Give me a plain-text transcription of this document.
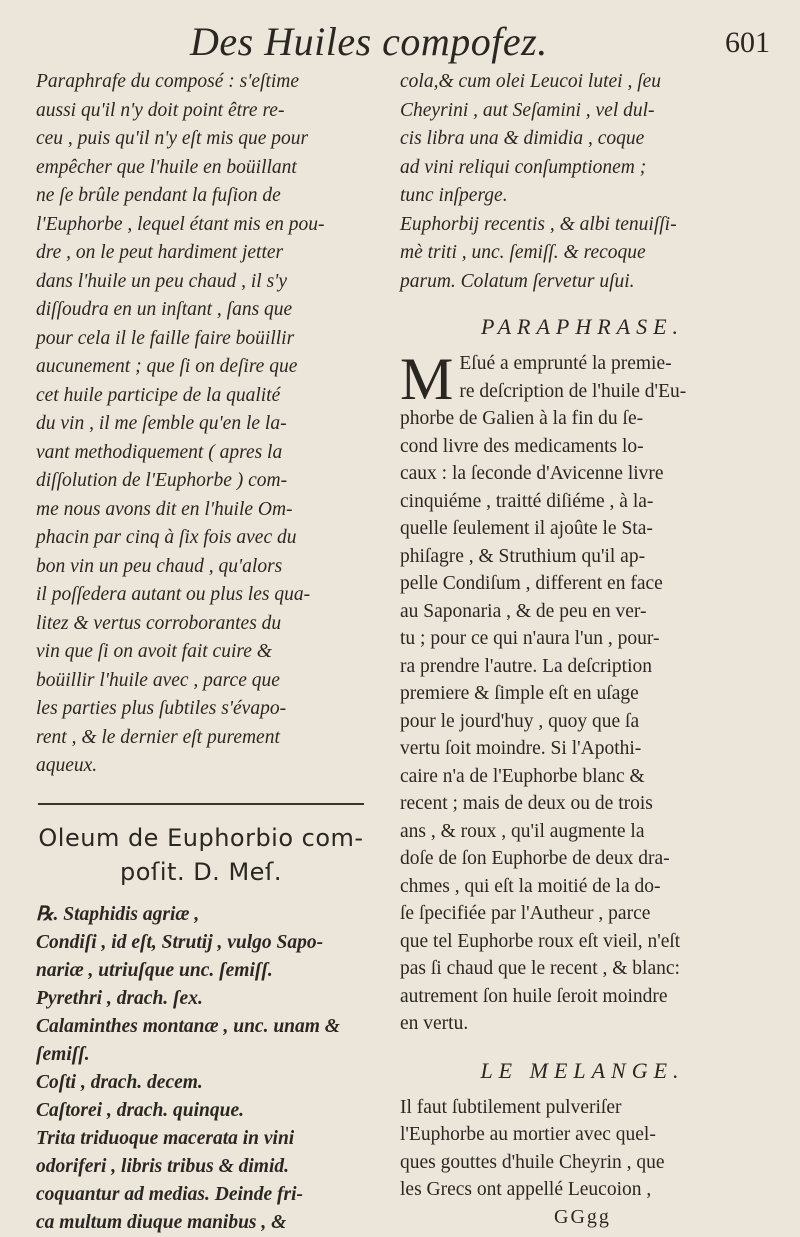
Des Huiles compofez.	601

Paraphrafe du composé : s'eſtime
aussi qu'il n'y doit point être re-
ceu , puis qu'il n'y eſt mis que pour
empêcher que l'huile en boüillant
ne ſe brûle pendant la fuſion de
l'Euphorbe , lequel étant mis en pou-
dre , on le peut hardiment jetter
dans l'huile un peu chaud , il s'y
diſſoudra en un inſtant , ſans que
pour cela il le faille faire boüillir
aucunement ; que ſi on deſire que
cet huile participe de la qualité
du vin , il me ſemble qu'en le la-
vant methodiquement ( apres la
diſſolution de l'Euphorbe ) com-
me nous avons dit en l'huile Om-
phacin par cinq à ſix fois avec du
bon vin un peu chaud , qu'alors
il poſſedera autant ou plus les qua-
litez & vertus corroborantes du
vin que ſi on avoit fait cuire &
boüillir l'huile avec , parce que
les parties plus ſubtiles s'évapo-
rent , & le dernier eſt purement
aqueux.

Oleum de Euphorbio com-
poſit. D. Meſ.

℞. Staphidis agriæ ,
Condiſi , id eſt, Strutij , vulgo Sapo-
nariæ , utriuſque unc. ſemiſſ.
Pyrethri , drach. ſex.
Calaminthes montanæ , unc. unam &
ſemiſſ.
Coſti , drach. decem.
Caſtorei , drach. quinque.
Trita triduoque macerata in vini
odoriferi , libris tribus & dimid.
coquantur ad medias. Deinde fri-
ca multum diuque manibus , &

cola,& cum olei Leucoi lutei , ſeu
Cheyrini , aut Seſamini , vel dul-
cis libra una & dimidia , coque
ad vini reliqui conſumptionem ;
tunc inſperge.
Euphorbij recentis , & albi tenuiſſi-
mè triti , unc. ſemiſſ. & recoque
parum. Colatum ſervetur uſui.

PARAPHRASE.
M Eſué a emprunté la premie-
re deſcription de l'huile d'Eu-
phorbe de Galien à la fin du ſe-
cond livre des medicaments lo-
caux : la ſeconde d'Avicenne livre
cinquiéme , traitté diſiéme , à la-
quelle ſeulement il ajoûte le Sta-
phiſagre , & Struthium qu'il ap-
pelle Condiſum , different en face
au Saponaria , & de peu en ver-
tu ; pour ce qui n'aura l'un , pour-
ra prendre l'autre. La deſcription
premiere & ſimple eſt en uſage
pour le jourd'huy , quoy que ſa
vertu ſoit moindre. Si l'Apothi-
caire n'a de l'Euphorbe blanc &
recent ; mais de deux ou de trois
ans , & roux , qu'il augmente la
doſe de ſon Euphorbe de deux dra-
chmes , qui eſt la moitié de la do-
ſe ſpecifiée par l'Autheur , parce
que tel Euphorbe roux eſt vieil, n'eſt
pas ſi chaud que le recent , & blanc:
autrement ſon huile ſeroit moindre
en vertu.

LE MELANGE.

Il faut ſubtilement pulveriſer
l'Euphorbe au mortier avec quel-
ques gouttes d'huile Cheyrin , que
les Grecs ont appellé Leucoion ,

GGgg
